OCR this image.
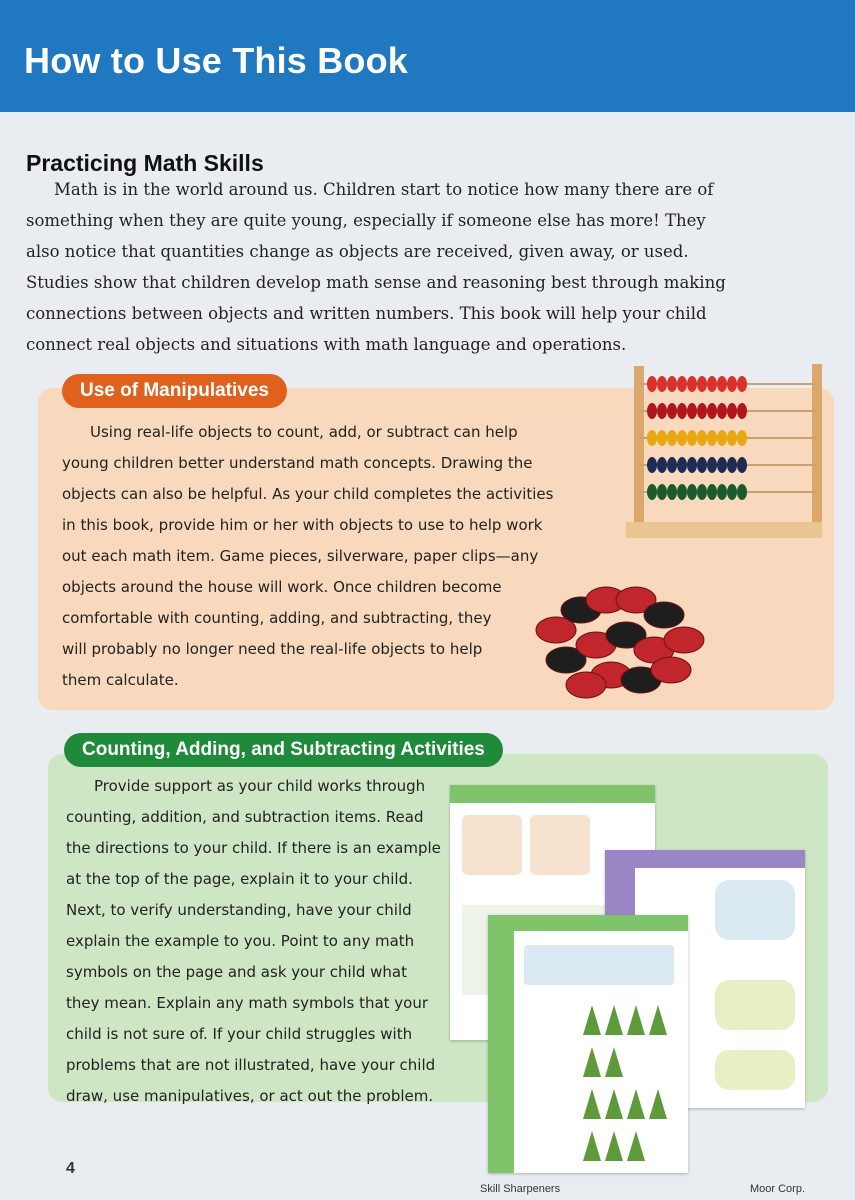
How to Use This Book
Practicing Math Skills

Math is in the world around us. Children start to notice how many there are of
something when they are quite young, especially if someone else has more! They
also notice that quantities change as objects are received, given away, or used.
Studies show that children develop math sense and reasoning best through making
connections between objects and written numbers. This book will help your child
connect real objects and situations with math language and operations.

Use of Manipulatives

Using real-life objects to count, add, or subtract can help
young children better understand math concepts. Drawing the
objects can also be helpful. As your child completes the activities
in this book, provide him or her with objects to use to help work
out each math item. Game pieces, silverware, paper clips—any
objects around the house will work. Once children become
comfortable with counting, adding, and subtracting, they
will probably no longer need the real-life objects to help
them calculate.

Counting, Adding, and Subtracting Activities

Provide support as your child works through
counting, addition, and subtraction items. Read
the directions to your child. If there is an example
at the top of the page, explain it to your child.
Next, to verify understanding, have your child
explain the example to you. Point to any math
symbols on the page and ask your child what
they mean. Explain any math symbols that your
child is not sure of. If your child struggles with
problems that are not illustrated, have your child
draw, use manipulatives, or act out the problem.

4
Skill Sharpeners	Moor Corp.
